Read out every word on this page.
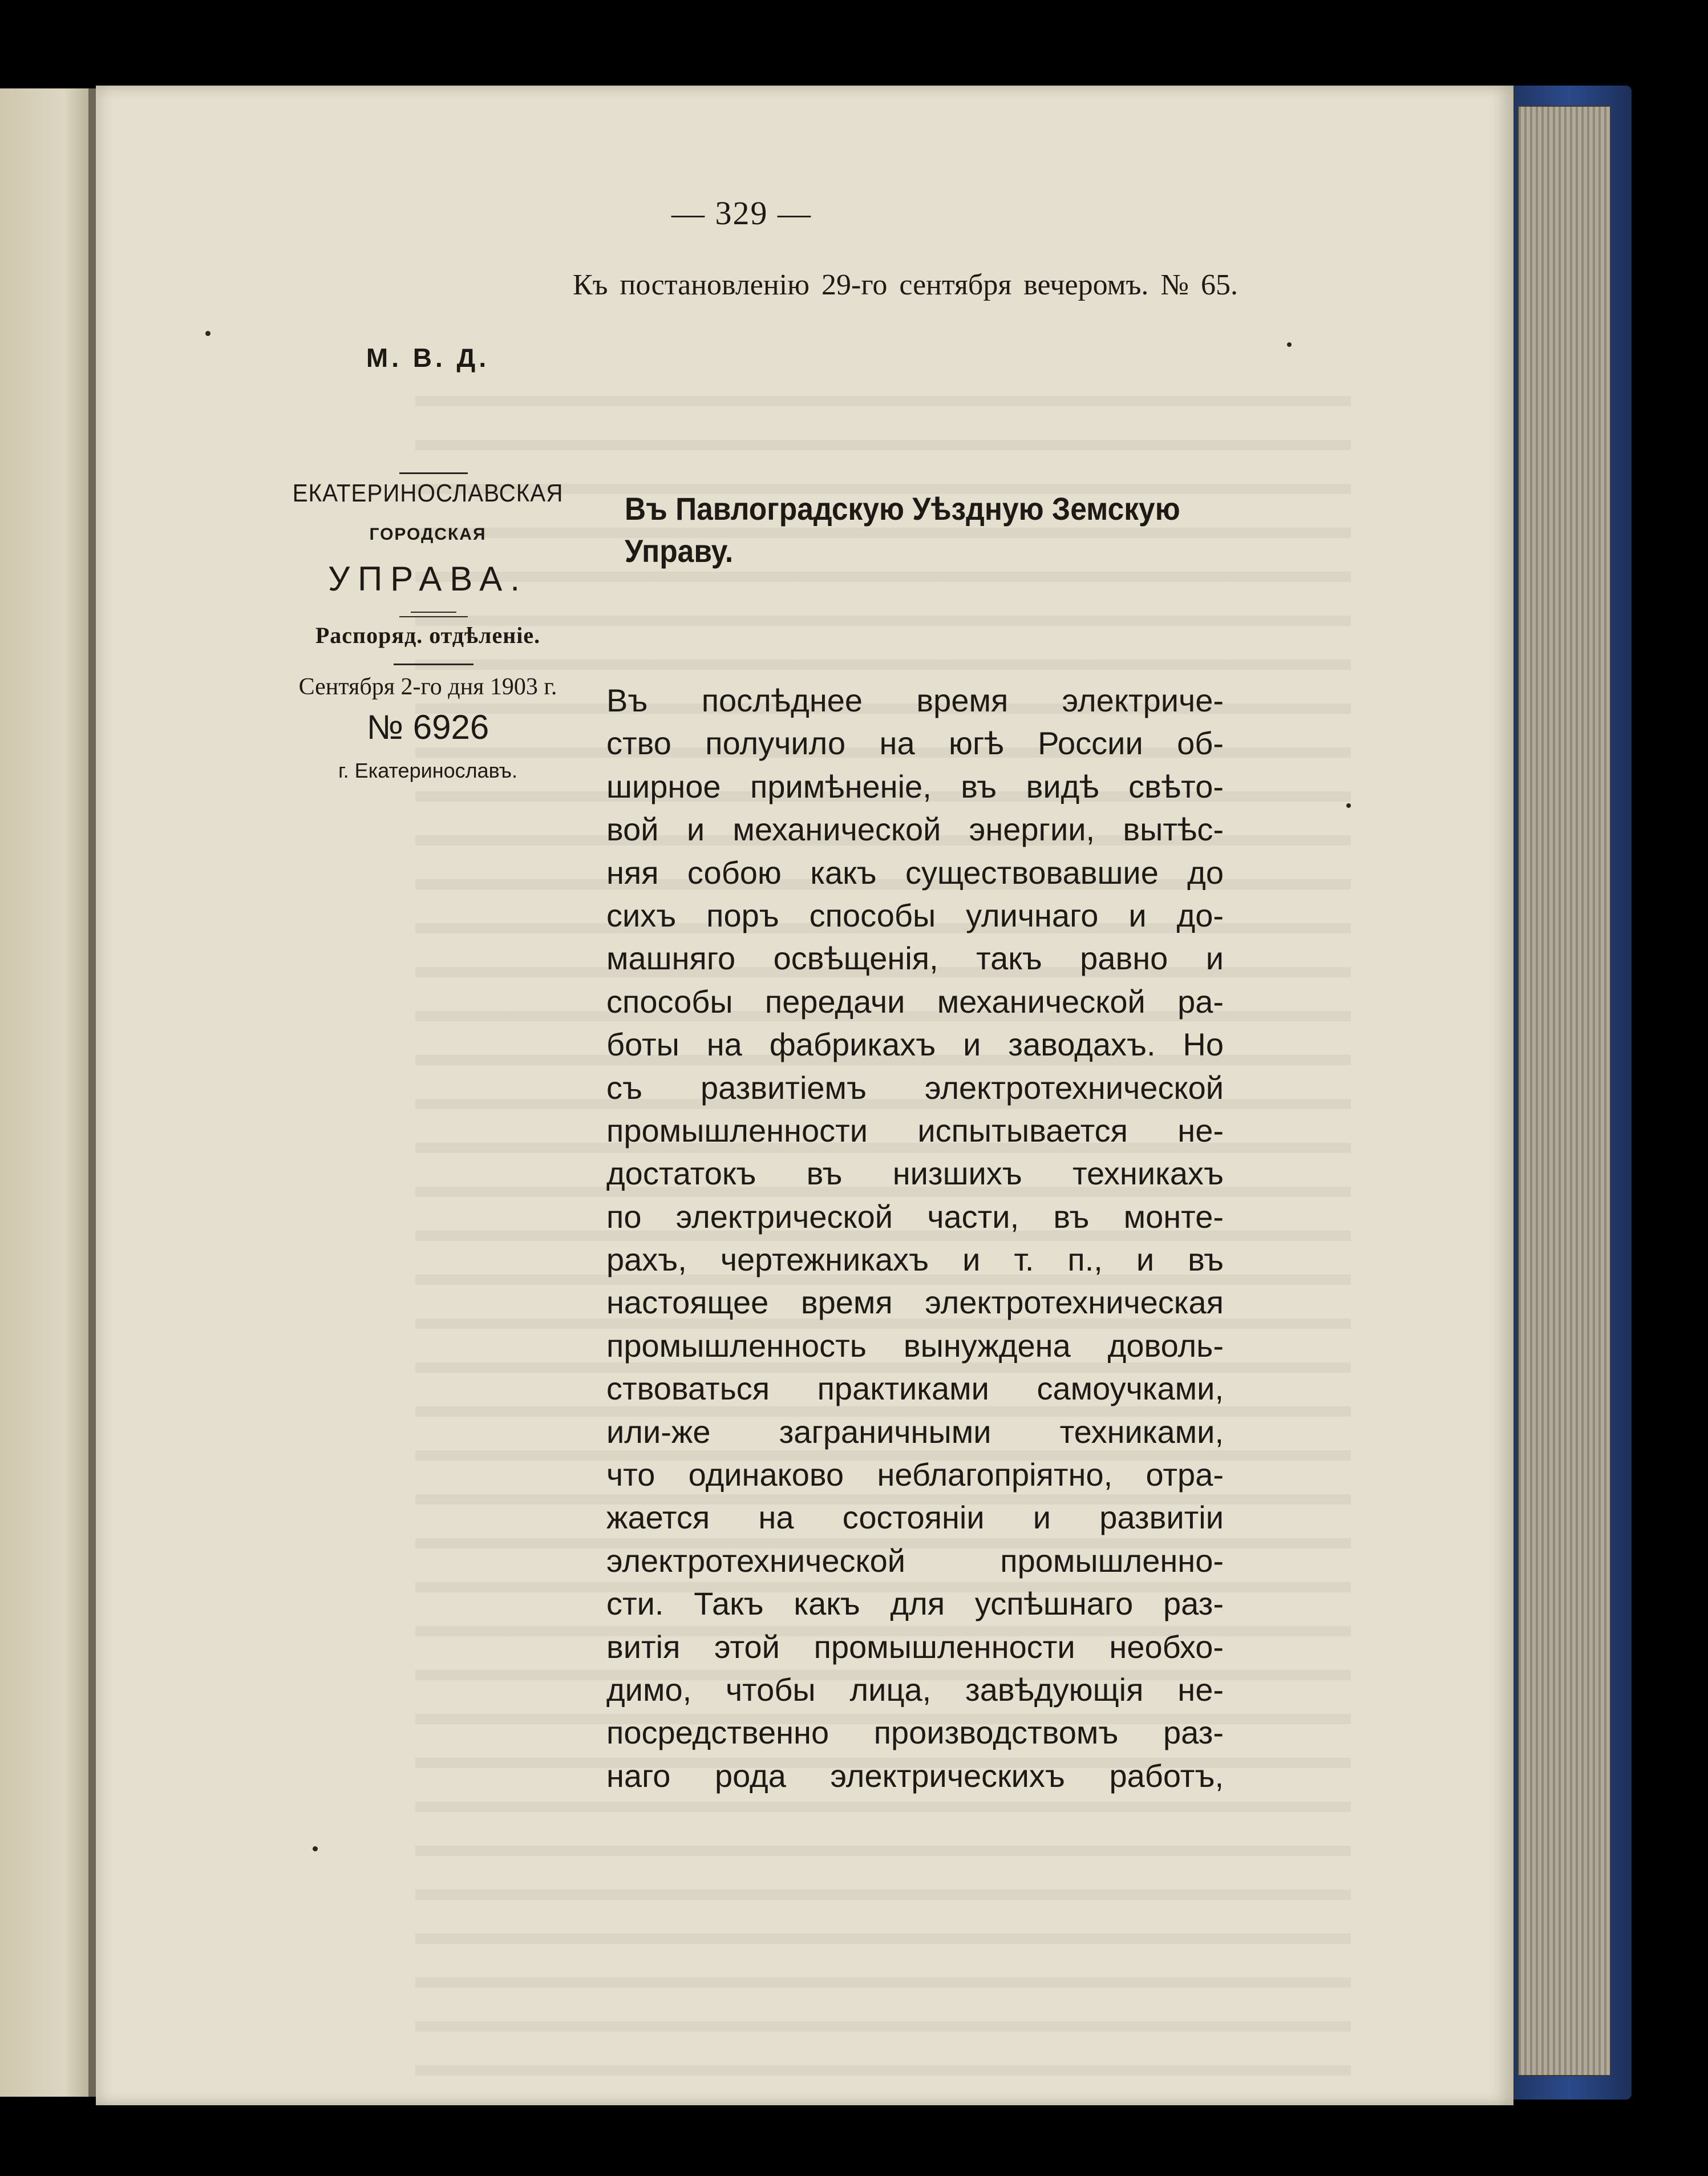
— 329 —
Къ постановленію 29-го сентября вечеромъ. № 65.
М. В. Д.
ЕКАТЕРИНОСЛАВСКАЯ
ГОРОДСКАЯ
УПРАВА.
Распоряд. отдѣленіе.
Сентября 2-го дня 1903 г.
№ 6926
г. Екатеринославъ.
Въ Павлоградскую Уѣздную Земскую Управу.
Въ послѣднее время электриче-
ство получило на югѣ России об-
ширное примѣненіе, въ видѣ свѣто-
вой и механической энергии, вытѣс-
няя собою какъ существовавшие до
сихъ поръ способы уличнаго и до-
машняго освѣщенія, такъ равно и
способы передачи механической ра-
боты на фабрикахъ и заводахъ. Но
съ развитіемъ электротехнической
промышленности испытывается не-
достатокъ въ низшихъ техникахъ
по электрической части, въ монте-
рахъ, чертежникахъ и т. п., и въ
настоящее время электротехническая
промышленность вынуждена доволь-
ствоваться практиками самоучками,
или-же заграничными техниками,
что одинаково неблагопріятно, отра-
жается на состояніи и развитіи
электротехнической промышленно-
сти. Такъ какъ для успѣшнаго раз-
витія этой промышленности необхо-
димо, чтобы лица, завѣдующія не-
посредственно производствомъ раз-
наго рода электрическихъ работъ,
